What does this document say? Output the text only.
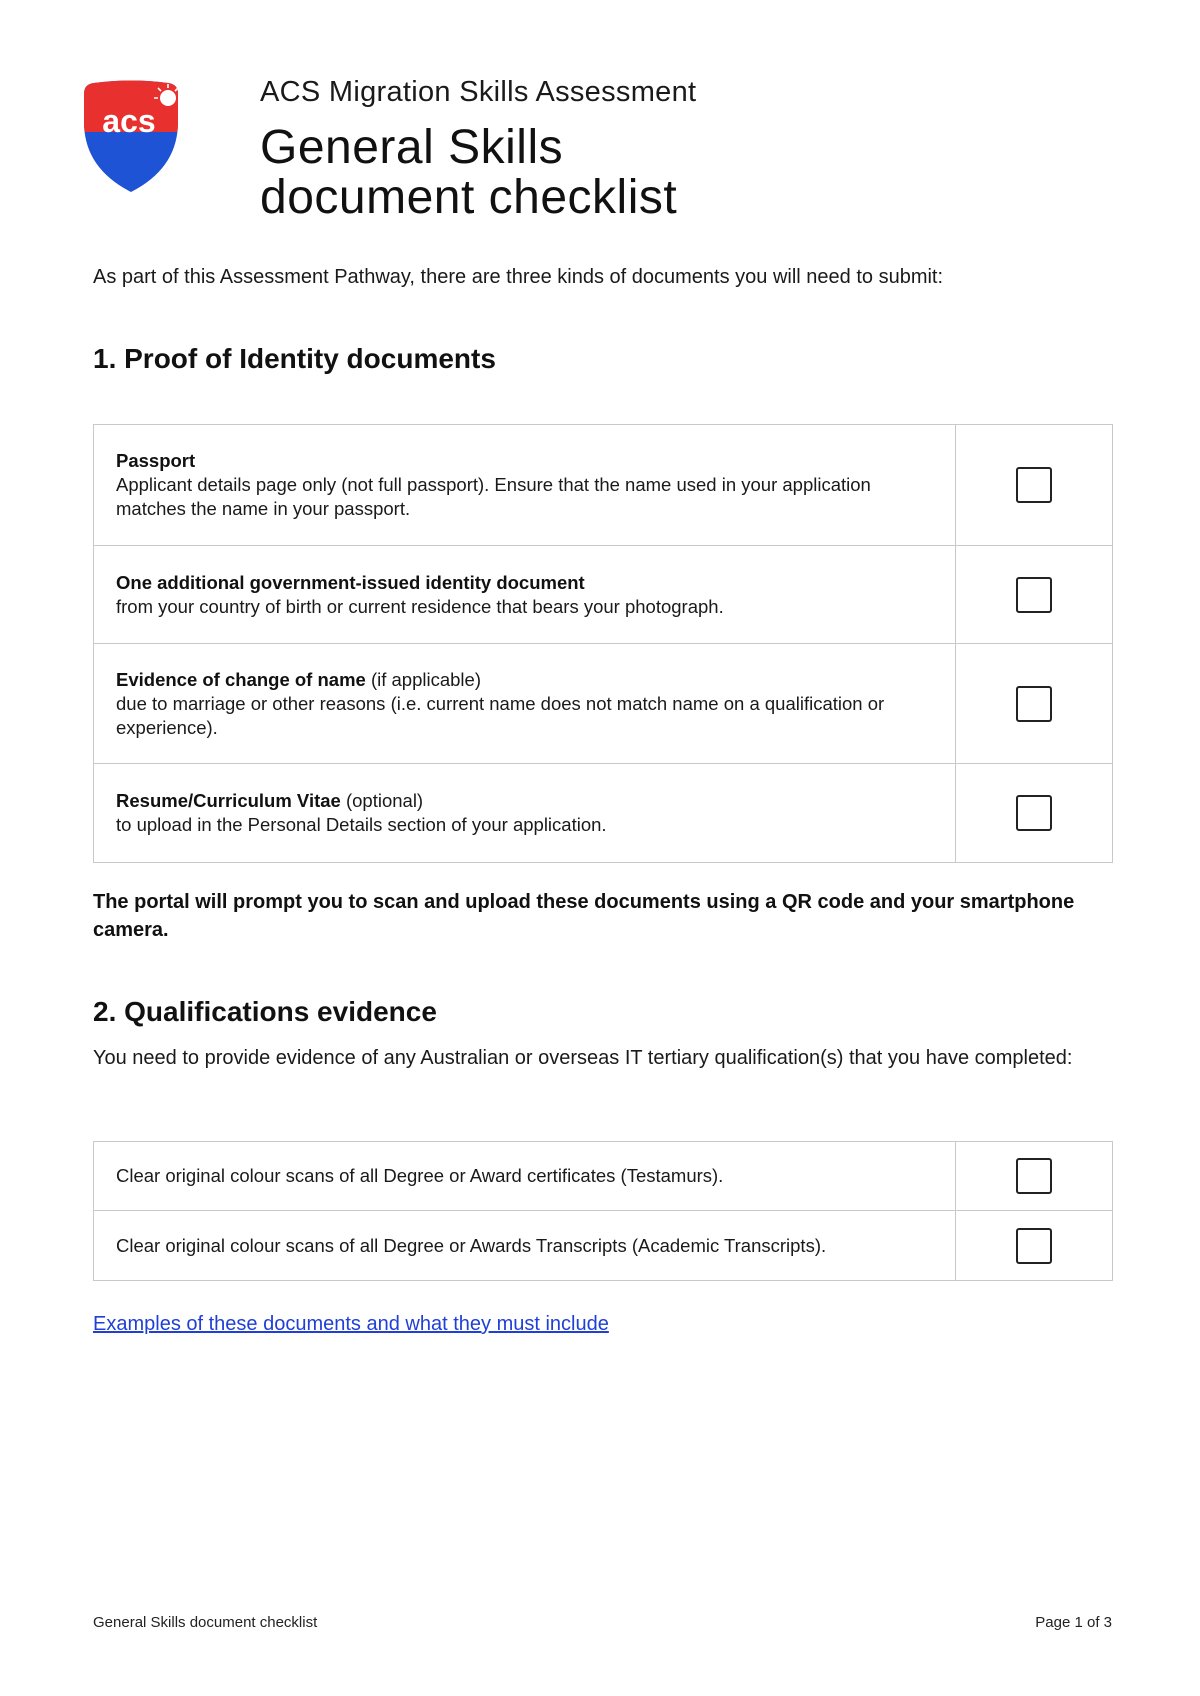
acs
ACS Migration Skills Assessment
General Skills
document checklist
As part of this Assessment Pathway, there are three kinds of documents you will need to submit:
1. Proof of Identity documents
Passport
Applicant details page only (not full passport). Ensure that the name used in your application matches the name in your passport.
One additional government-issued identity document
from your country of birth or current residence that bears your photograph.
Evidence of change of name (if applicable)
due to marriage or other reasons (i.e. current name does not match name on a qualification or experience).
Resume/Curriculum Vitae (optional)
to upload in the Personal Details section of your application.
The portal will prompt you to scan and upload these documents using a QR code and your smartphone camera.
2. Qualifications evidence
You need to provide evidence of any Australian or overseas IT tertiary qualification(s) that you have completed:
Clear original colour scans of all Degree or Award certificates (Testamurs).
Clear original colour scans of all Degree or Awards Transcripts (Academic Transcripts).
Examples of these documents and what they must include
General Skills document checklist	Page 1 of 3
